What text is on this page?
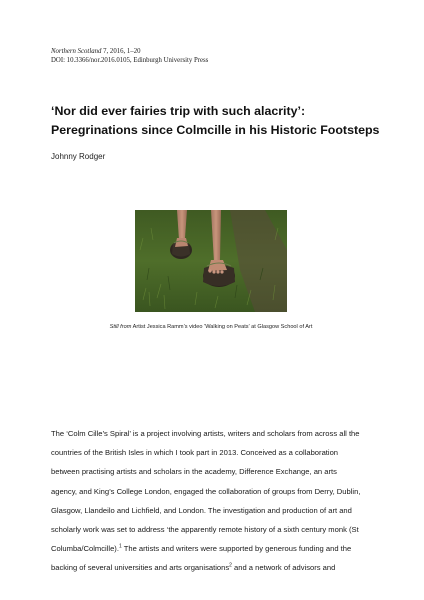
Northern Scotland 7, 2016, 1–20
DOI: 10.3366/nor.2016.0105, Edinburgh University Press
‘Nor did ever fairies trip with such alacrity’:
Peregrinations since Colmcille in his Historic Footsteps
Johnny Rodger
Still from Artist Jessica Ramm’s video ‘Walking on Peats’ at Glasgow School of Art

The ‘Colm Cille’s Spiral’ is a project involving artists, writers and scholars from across all the
countries of the British Isles in which I took part in 2013. Conceived as a collaboration
between practising artists and scholars in the academy, Difference Exchange, an arts
agency, and King’s College London, engaged the collaboration of groups from Derry, Dublin,
Glasgow, Llandeilo and Lichfield, and London. The investigation and production of art and
scholarly work was set to address ‘the apparently remote history of a sixth century monk (St
Columba/Colmcille).$^1$ The artists and writers were supported by generous funding and the
backing of several universities and arts organisations$^2$ and a network of advisors and
